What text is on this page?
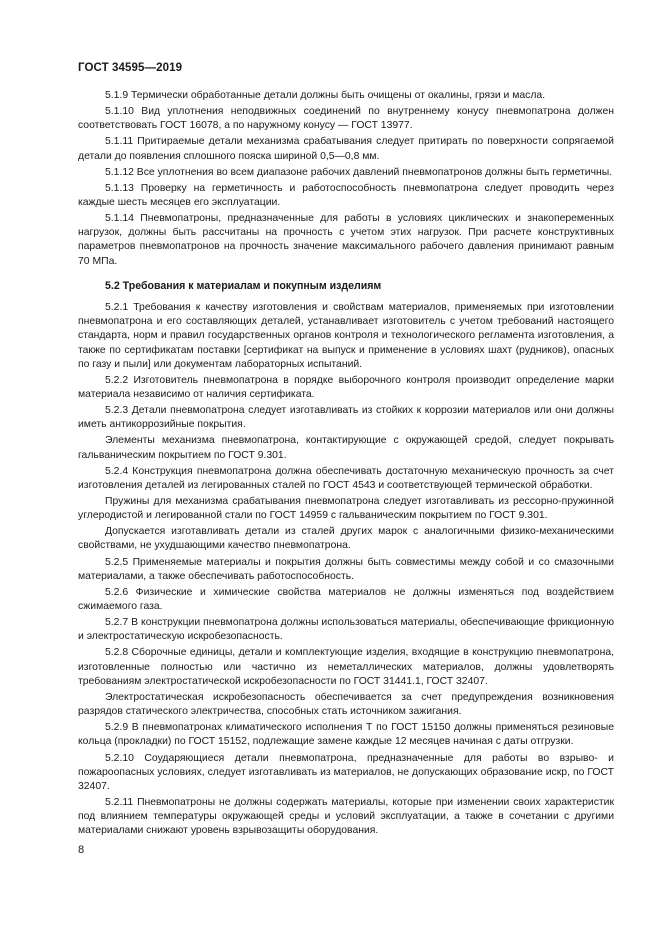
ГОСТ 34595—2019

5.1.9 Термически обработанные детали должны быть очищены от окалины, грязи и масла.

5.1.10 Вид уплотнения неподвижных соединений по внутреннему конусу пневмопатрона должен соответствовать ГОСТ 16078, а по наружному конусу — ГОСТ 13977.

5.1.11 Притираемые детали механизма срабатывания следует притирать по поверхности сопрягаемой детали до появления сплошного пояска шириной 0,5—0,8 мм.

5.1.12 Все уплотнения во всем диапазоне рабочих давлений пневмопатронов должны быть герметичны.

5.1.13 Проверку на герметичность и работоспособность пневмопатрона следует проводить через каждые шесть месяцев его эксплуатации.

5.1.14 Пневмопатроны, предназначенные для работы в условиях циклических и знакопеременных нагрузок, должны быть рассчитаны на прочность с учетом этих нагрузок. При расчете конструктивных параметров пневмопатронов на прочность значение максимального рабочего давления принимают равным 70 МПа.

5.2 Требования к материалам и покупным изделиям

5.2.1 Требования к качеству изготовления и свойствам материалов, применяемых при изготовлении пневмопатрона и его составляющих деталей, устанавливает изготовитель с учетом требований настоящего стандарта, норм и правил государственных органов контроля и технологического регламента изготовления, а также по сертификатам поставки [сертификат на выпуск и применение в условиях шахт (рудников), опасных по газу и пыли] или документам лабораторных испытаний.

5.2.2 Изготовитель пневмопатрона в порядке выборочного контроля производит определение марки материала независимо от наличия сертификата.

5.2.3 Детали пневмопатрона следует изготавливать из стойких к коррозии материалов или они должны иметь антикоррозийные покрытия.

Элементы механизма пневмопатрона, контактирующие с окружающей средой, следует покрывать гальваническим покрытием по ГОСТ 9.301.

5.2.4 Конструкция пневмопатрона должна обеспечивать достаточную механическую прочность за счет изготовления деталей из легированных сталей по ГОСТ 4543 и соответствующей термической обработки.

Пружины для механизма срабатывания пневмопатрона следует изготавливать из рессорно-пружинной углеродистой и легированной стали по ГОСТ 14959 с гальваническим покрытием по ГОСТ 9.301.

Допускается изготавливать детали из сталей других марок с аналогичными физико-механическими свойствами, не ухудшающими качество пневмопатрона.

5.2.5 Применяемые материалы и покрытия должны быть совместимы между собой и со смазочными материалами, а также обеспечивать работоспособность.

5.2.6 Физические и химические свойства материалов не должны изменяться под воздействием сжимаемого газа.

5.2.7 В конструкции пневмопатрона должны использоваться материалы, обеспечивающие фрикционную и электростатическую искробезопасность.

5.2.8 Сборочные единицы, детали и комплектующие изделия, входящие в конструкцию пневмопатрона, изготовленные полностью или частично из неметаллических материалов, должны удовлетворять требованиям электростатической искробезопасности по ГОСТ 31441.1, ГОСТ 32407.

Электростатическая искробезопасность обеспечивается за счет предупреждения возникновения разрядов статического электричества, способных стать источником зажигания.

5.2.9 В пневмопатронах климатического исполнения Т по ГОСТ 15150 должны применяться резиновые кольца (прокладки) по ГОСТ 15152, подлежащие замене каждые 12 месяцев начиная с даты отгрузки.

5.2.10 Соударяющиеся детали пневмопатрона, предназначенные для работы во взрыво- и пожароопасных условиях, следует изготавливать из материалов, не допускающих образование искр, по ГОСТ 32407.

5.2.11 Пневмопатроны не должны содержать материалы, которые при изменении своих характеристик под влиянием температуры окружающей среды и условий эксплуатации, а также в сочетании с другими материалами снижают уровень взрывозащиты оборудования.

8
